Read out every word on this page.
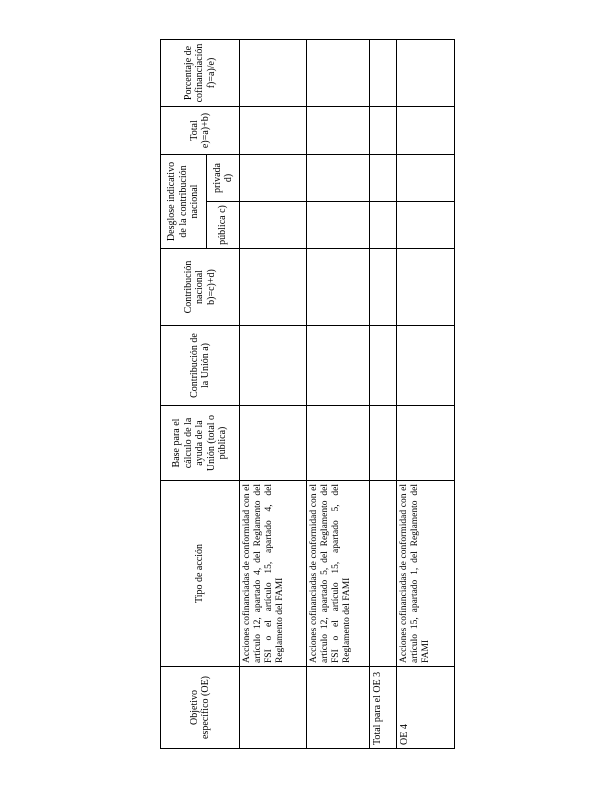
Objetivo específico (OE)	Tipo de acción	Base para el cálculo de la ayuda de la Unión (total o pública)	Contribución de la Unión a)	Contribución nacional b)=c)+d)	Desglose indicativo de la contribución nacional		Total e)=a)+b)	Porcentaje de cofinanciación f)=a)/e)
					pública c)	privada d)		
	Acciones cofinanciadas de conformidad con el artículo 12, apartado 4, del Reglamento del FSI o el artículo 15, apartado 4, del Reglamento del FAMI							
	Acciones cofinanciadas de conformidad con el artículo 12, apartado 5, del Reglamento del FSI o el artículo 15, apartado 5, del Reglamento del FAMI							
Total para el OE 3								
OE 4	Acciones cofinanciadas de conformidad con el artículo 15, apartado 1, del Reglamento del FAMI							
